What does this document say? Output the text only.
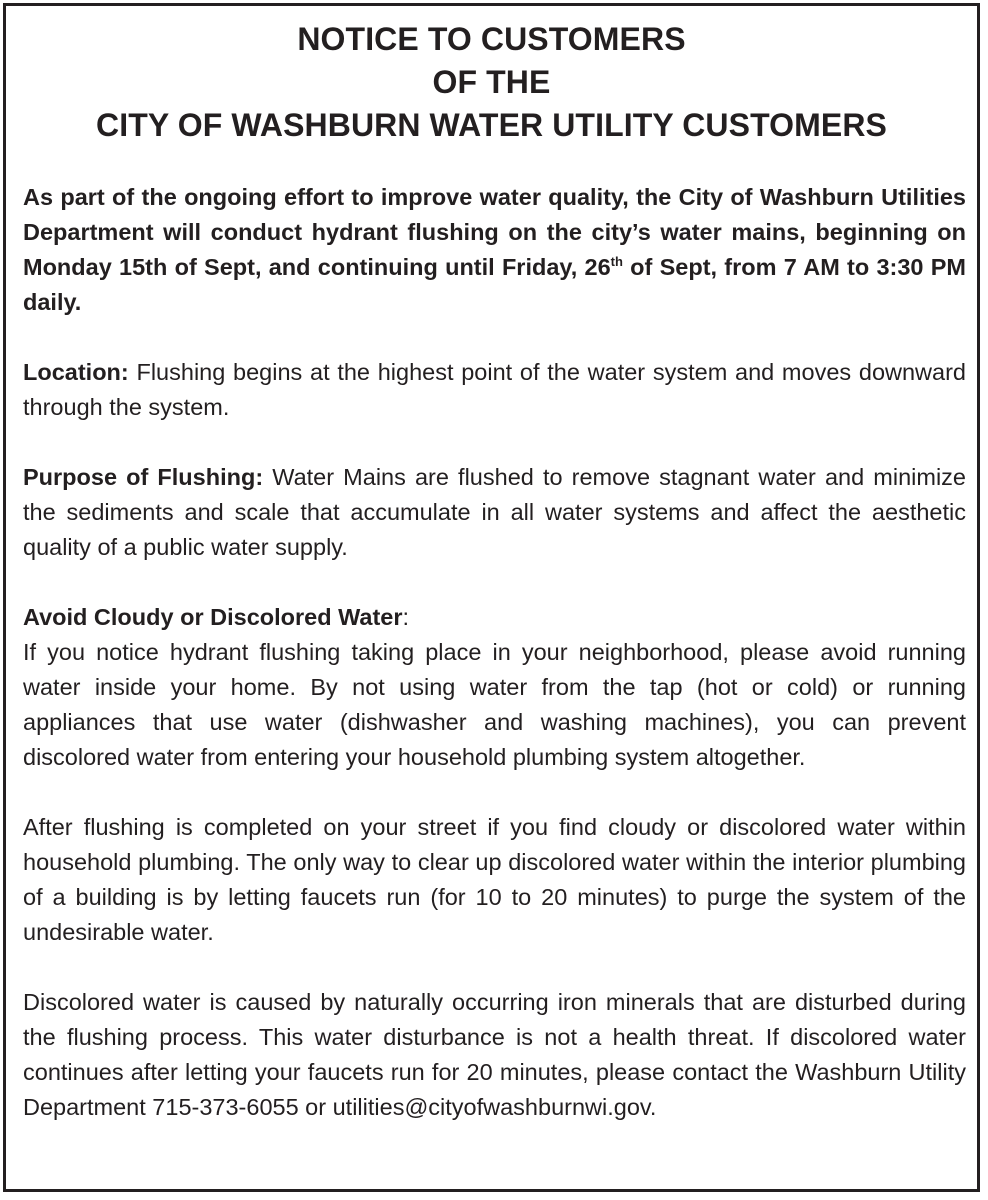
NOTICE TO CUSTOMERS
OF THE
CITY OF WASHBURN WATER UTILITY CUSTOMERS

As part of the ongoing effort to improve water quality, the City of Washburn Utilities Department will conduct hydrant flushing on the city’s water mains, beginning on Monday 15th of Sept, and continuing until Friday, 26th of Sept, from 7 AM to 3:30 PM daily.

Location: Flushing begins at the highest point of the water system and moves downward through the system.

Purpose of Flushing: Water Mains are flushed to remove stagnant water and minimize the sediments and scale that accumulate in all water systems and affect the aesthetic quality of a public water supply.

Avoid Cloudy or Discolored Water:
If you notice hydrant flushing taking place in your neighborhood, please avoid running water inside your home. By not using water from the tap (hot or cold) or running appliances that use water (dishwasher and washing machines), you can prevent discolored water from entering your household plumbing system altogether.

After flushing is completed on your street if you find cloudy or discolored water within household plumbing. The only way to clear up discolored water within the interior plumbing of a building is by letting faucets run (for 10 to 20 minutes) to purge the system of the undesirable water.

Discolored water is caused by naturally occurring iron minerals that are disturbed during the flushing process. This water disturbance is not a health threat. If discolored water continues after letting your faucets run for 20 minutes, please contact the Washburn Utility Department 715-373-6055 or utilities@cityofwashburnwi.gov.
